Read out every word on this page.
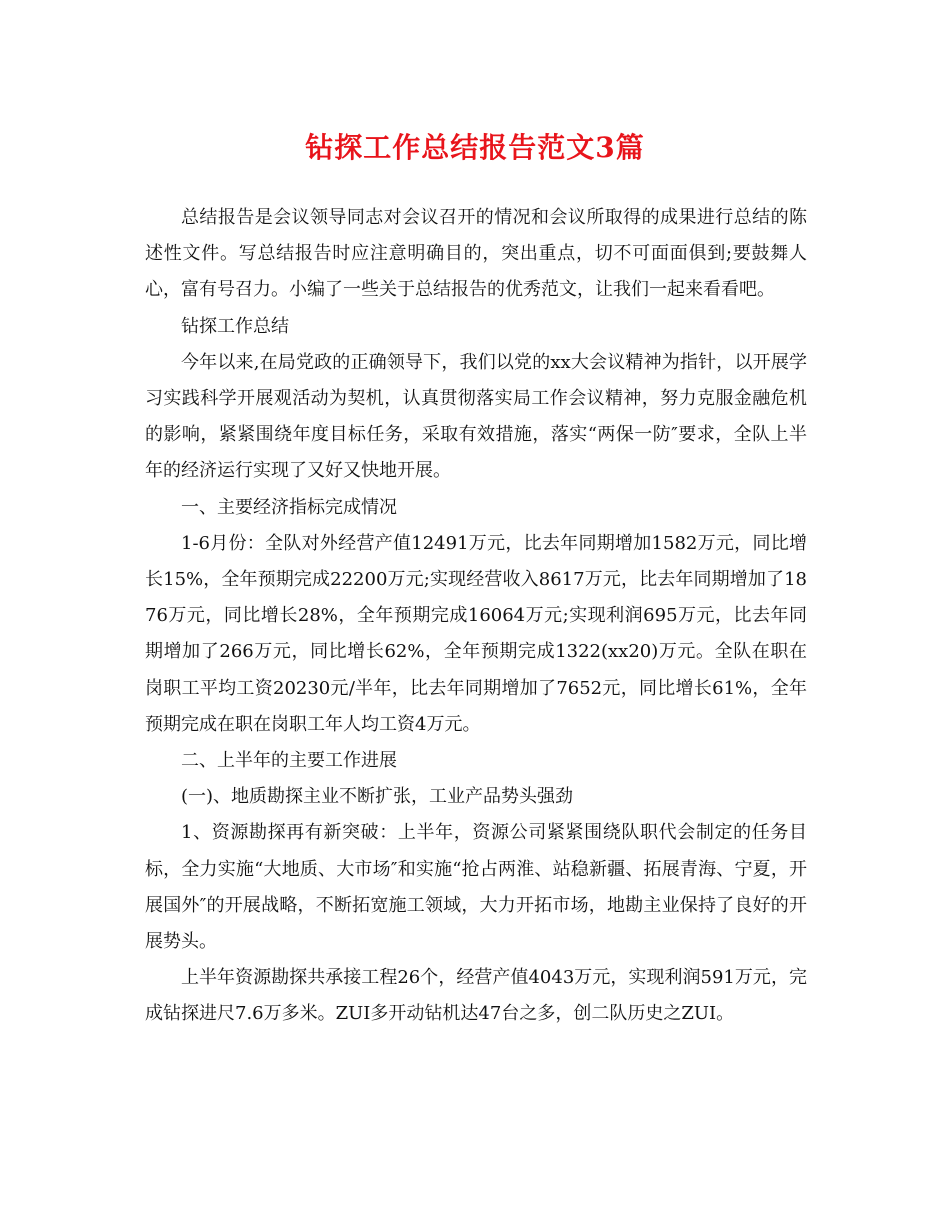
钻探工作总结报告范文3篇

总结报告是会议领导同志对会议召开的情况和会议所取得的成果进行总结的陈述性文件。写总结报告时应注意明确目的，突出重点，切不可面面俱到;要鼓舞人心，富有号召力。小编了一些关于总结报告的优秀范文，让我们一起来看看吧。

钻探工作总结

今年以来,在局党政的正确领导下，我们以党的xx大会议精神为指针，以开展学习实践科学开展观活动为契机，认真贯彻落实局工作会议精神，努力克服金融危机的影响，紧紧围绕年度目标任务，采取有效措施，落实“两保一防″要求，全队上半年的经济运行实现了又好又快地开展。

一、主要经济指标完成情况

1-6月份：全队对外经营产值12491万元，比去年同期增加1582万元，同比增长15%，全年预期完成22200万元;实现经营收入8617万元，比去年同期增加了1876万元，同比增长28%，全年预期完成16064万元;实现利润695万元，比去年同期增加了266万元，同比增长62%，全年预期完成1322(xx20)万元。全队在职在岗职工平均工资20230元/半年，比去年同期增加了7652元，同比增长61%，全年预期完成在职在岗职工年人均工资4万元。

二、上半年的主要工作进展

(一)、地质勘探主业不断扩张，工业产品势头强劲

1、资源勘探再有新突破：上半年，资源公司紧紧围绕队职代会制定的任务目标，全力实施“大地质、大市场″和实施“抢占两淮、站稳新疆、拓展青海、宁夏，开展国外″的开展战略，不断拓宽施工领域，大力开拓市场，地勘主业保持了良好的开展势头。

上半年资源勘探共承接工程26个，经营产值4043万元，实现利润591万元，完成钻探进尺7.6万多米。ZUI多开动钻机达47台之多，创二队历史之ZUI。
